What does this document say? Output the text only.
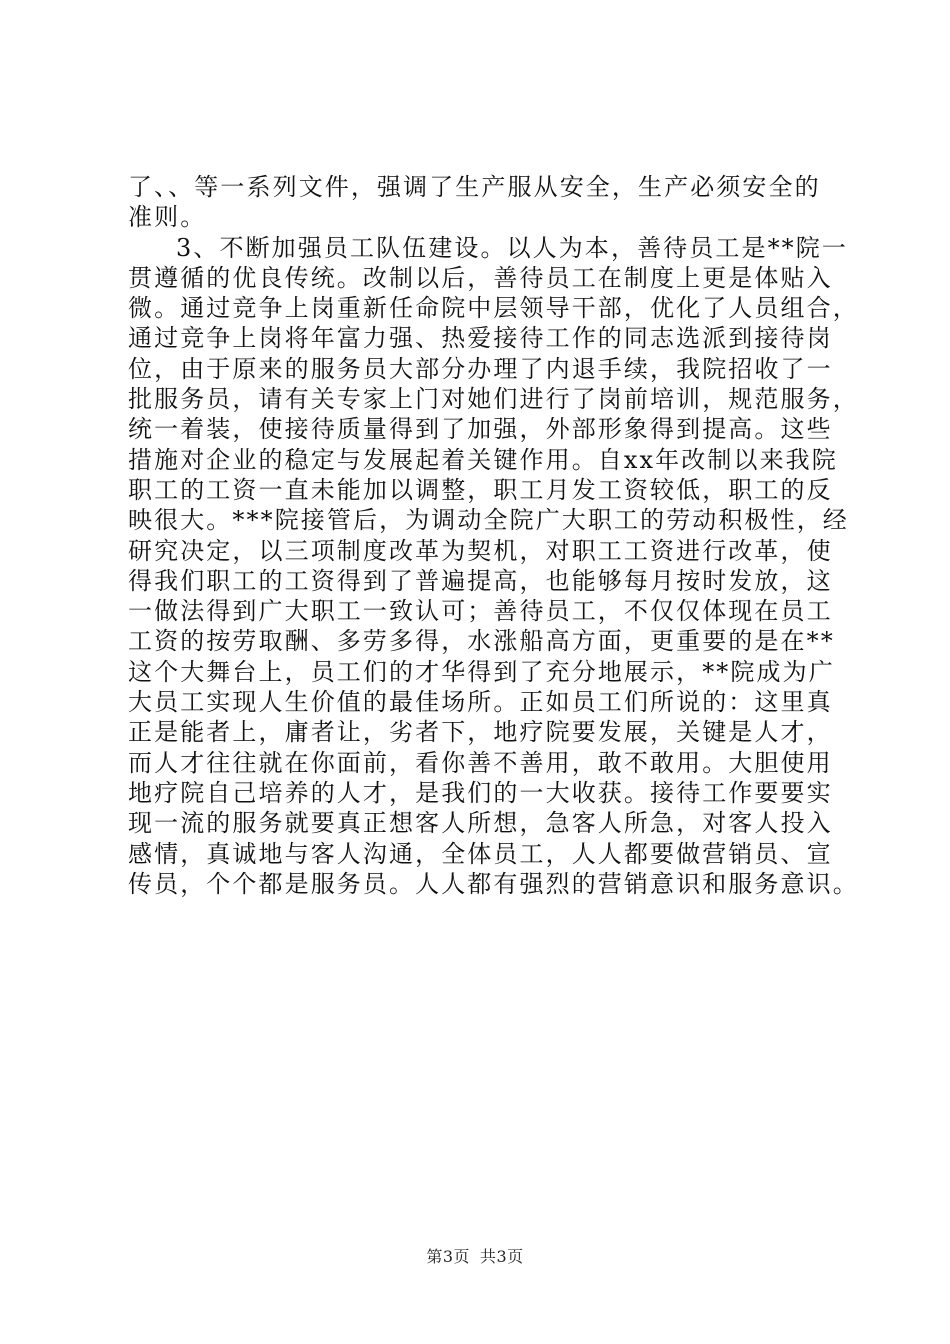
了、、等一系列文件，强调了生产服从安全，生产必须安全的
准则。
3、不断加强员工队伍建设。以人为本，善待员工是**院一
贯遵循的优良传统。改制以后，善待员工在制度上更是体贴入
微。通过竞争上岗重新任命院中层领导干部，优化了人员组合，
通过竞争上岗将年富力强、热爱接待工作的同志选派到接待岗
位，由于原来的服务员大部分办理了内退手续，我院招收了一
批服务员，请有关专家上门对她们进行了岗前培训，规范服务，
统一着装，使接待质量得到了加强，外部形象得到提高。这些
措施对企业的稳定与发展起着关键作用。自xx年改制以来我院
职工的工资一直未能加以调整，职工月发工资较低，职工的反
映很大。***院接管后，为调动全院广大职工的劳动积极性，经
研究决定，以三项制度改革为契机，对职工工资进行改革，使
得我们职工的工资得到了普遍提高，也能够每月按时发放，这
一做法得到广大职工一致认可；善待员工，不仅仅体现在员工
工资的按劳取酬、多劳多得，水涨船高方面，更重要的是在**
这个大舞台上，员工们的才华得到了充分地展示，**院成为广
大员工实现人生价值的最佳场所。正如员工们所说的：这里真
正是能者上，庸者让，劣者下，地疗院要发展，关键是人才，
而人才往往就在你面前，看你善不善用，敢不敢用。大胆使用
地疗院自己培养的人才，是我们的一大收获。接待工作要要实
现一流的服务就要真正想客人所想，急客人所急，对客人投入
感情，真诚地与客人沟通，全体员工，人人都要做营销员、宣
传员，个个都是服务员。人人都有强烈的营销意识和服务意识。
第3页 共3页
